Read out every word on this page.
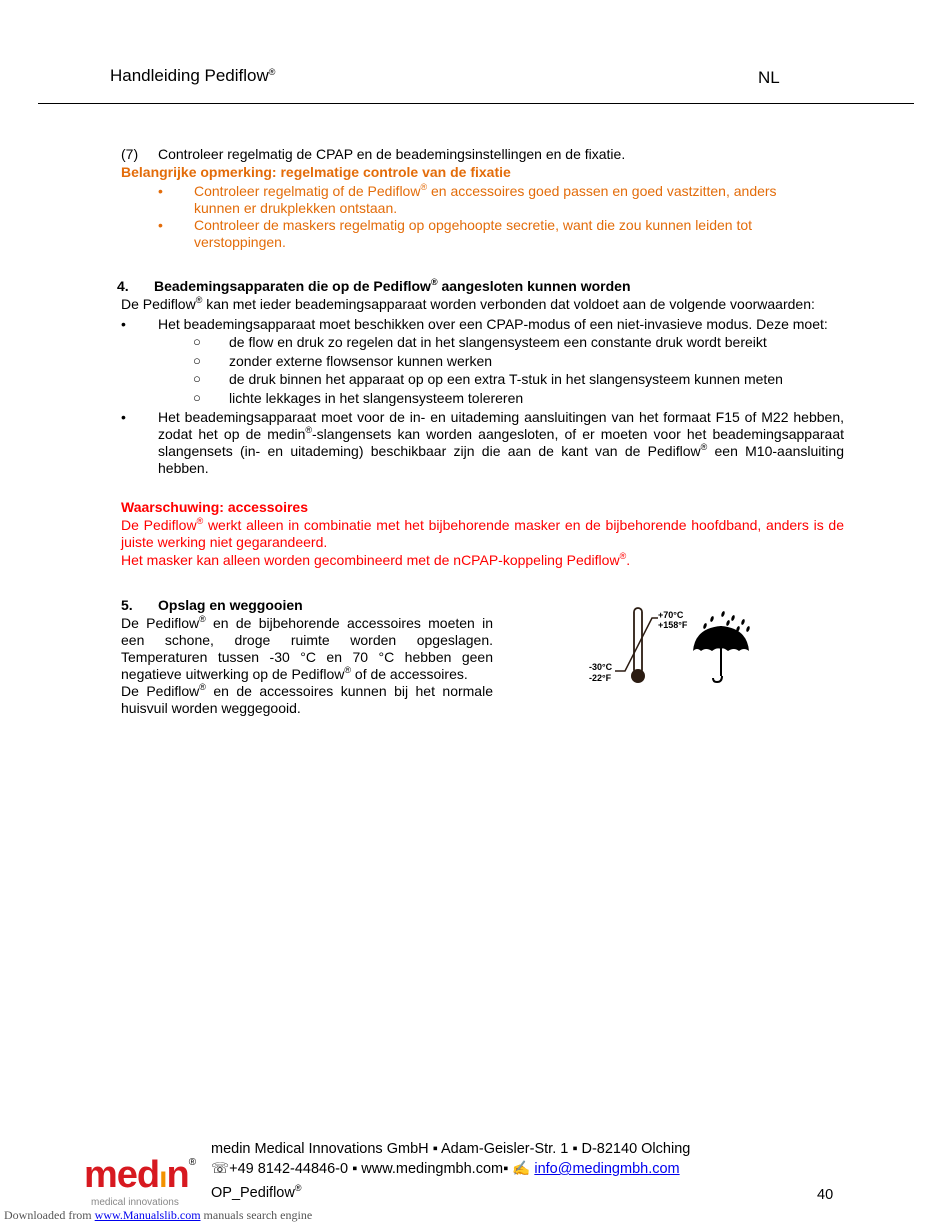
Handleiding Pediflow®	NL
(7) Controleer regelmatig de CPAP en de beademingsinstellingen en de fixatie.
Belangrijke opmerking: regelmatige controle van de fixatie
• Controleer regelmatig of de Pediflow® en accessoires goed passen en goed vastzitten, anders kunnen er drukplekken ontstaan.
• Controleer de maskers regelmatig op opgehoopte secretie, want die zou kunnen leiden tot verstoppingen.
4. Beademingsapparaten die op de Pediflow® aangesloten kunnen worden
De Pediflow® kan met ieder beademingsapparaat worden verbonden dat voldoet aan de volgende voorwaarden:
• Het beademingsapparaat moet beschikken over een CPAP-modus of een niet-invasieve modus. Deze moet:
○ de flow en druk zo regelen dat in het slangensysteem een constante druk wordt bereikt
○ zonder externe flowsensor kunnen werken
○ de druk binnen het apparaat op op een extra T-stuk in het slangensysteem kunnen meten
○ lichte lekkages in het slangensysteem tolereren
• Het beademingsapparaat moet voor de in- en uitademing aansluitingen van het formaat F15 of M22 hebben, zodat het op de medin®-slangensets kan worden aangesloten, of er moeten voor het beademingsapparaat slangensets (in- en uitademing) beschikbaar zijn die aan de kant van de Pediflow® een M10-aansluiting hebben.
Waarschuwing: accessoires
De Pediflow® werkt alleen in combinatie met het bijbehorende masker en de bijbehorende hoofdband, anders is de juiste werking niet gegarandeerd.
Het masker kan alleen worden gecombineerd met de nCPAP-koppeling Pediflow®.
5. Opslag en weggooien
De Pediflow® en de bijbehorende accessoires moeten in een schone, droge ruimte worden opgeslagen. Temperaturen tussen -30 °C en 70 °C hebben geen negatieve uitwerking op de Pediflow® of de accessoires.
De Pediflow® en de accessoires kunnen bij het normale huisvuil worden weggegooid.
+70°C
+158°F
-30°C
-22°F
medın®
medical innovations
medin Medical Innovations GmbH ▪ Adam-Geisler-Str. 1 ▪ D-82140 Olching
☏+49 8142-44846-0 ▪ www.medingmbh.com▪ ✍ info@medingmbh.com
OP_Pediflow®	40
Downloaded from www.Manualslib.com manuals search engine
